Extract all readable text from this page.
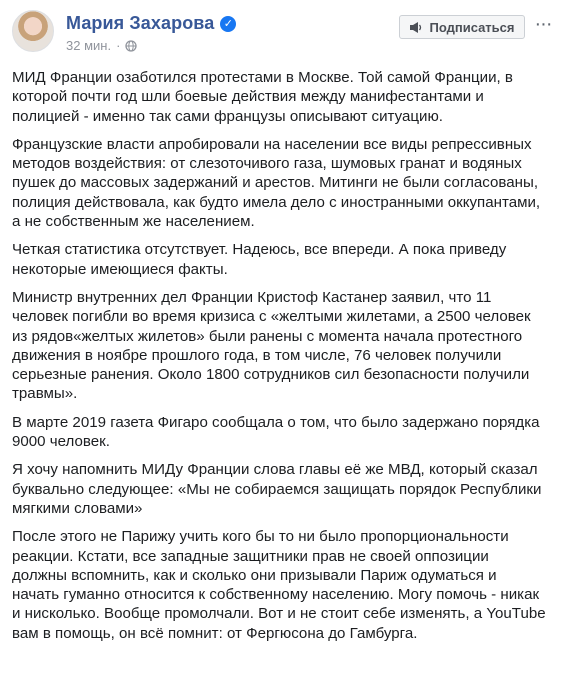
Мария Захарова ✓
32 мин. ·
Подписаться ···

МИД Франции озаботился протестами в Москве. Той самой Франции, в которой почти год шли боевые действия между манифестантами и полицией - именно так сами французы описывают ситуацию.

Французские власти апробировали на населении все виды репрессивных методов воздействия: от слезоточивого газа, шумовых гранат и водяных пушек до массовых задержаний и арестов. Митинги не были согласованы, полиция действовала, как будто имела дело с иностранными оккупантами, а не собственным же населением.

Четкая статистика отсутствует. Надеюсь, все впереди. А пока приведу некоторые имеющиеся факты.

Министр внутренних дел Франции Кристоф Кастанер заявил, что 11 человек погибли во время кризиса с «желтыми жилетами, а 2500 человек из рядов«желтых жилетов» были ранены с момента начала протестного движения в ноябре прошлого года, в том числе, 76 человек получили серьезные ранения. Около 1800 сотрудников сил безопасности получили травмы».

В марте 2019 газета Фигаро сообщала о том, что было задержано порядка 9000 человек.

Я хочу напомнить МИДу Франции слова главы её же МВД, который сказал буквально следующее: «Мы не собираемся защищать порядок Республики мягкими словами»

После этого не Парижу учить кого бы то ни было пропорциональности реакции. Кстати, все западные защитники прав не своей оппозиции должны вспомнить, как и сколько они призывали Париж одуматься и начать гуманно относится к собственному населению. Могу помочь - никак и нисколько. Вообще промолчали. Вот и не стоит себе изменять, а YouTube вам в помощь, он всё помнит: от Фергюсона до Гамбурга.
